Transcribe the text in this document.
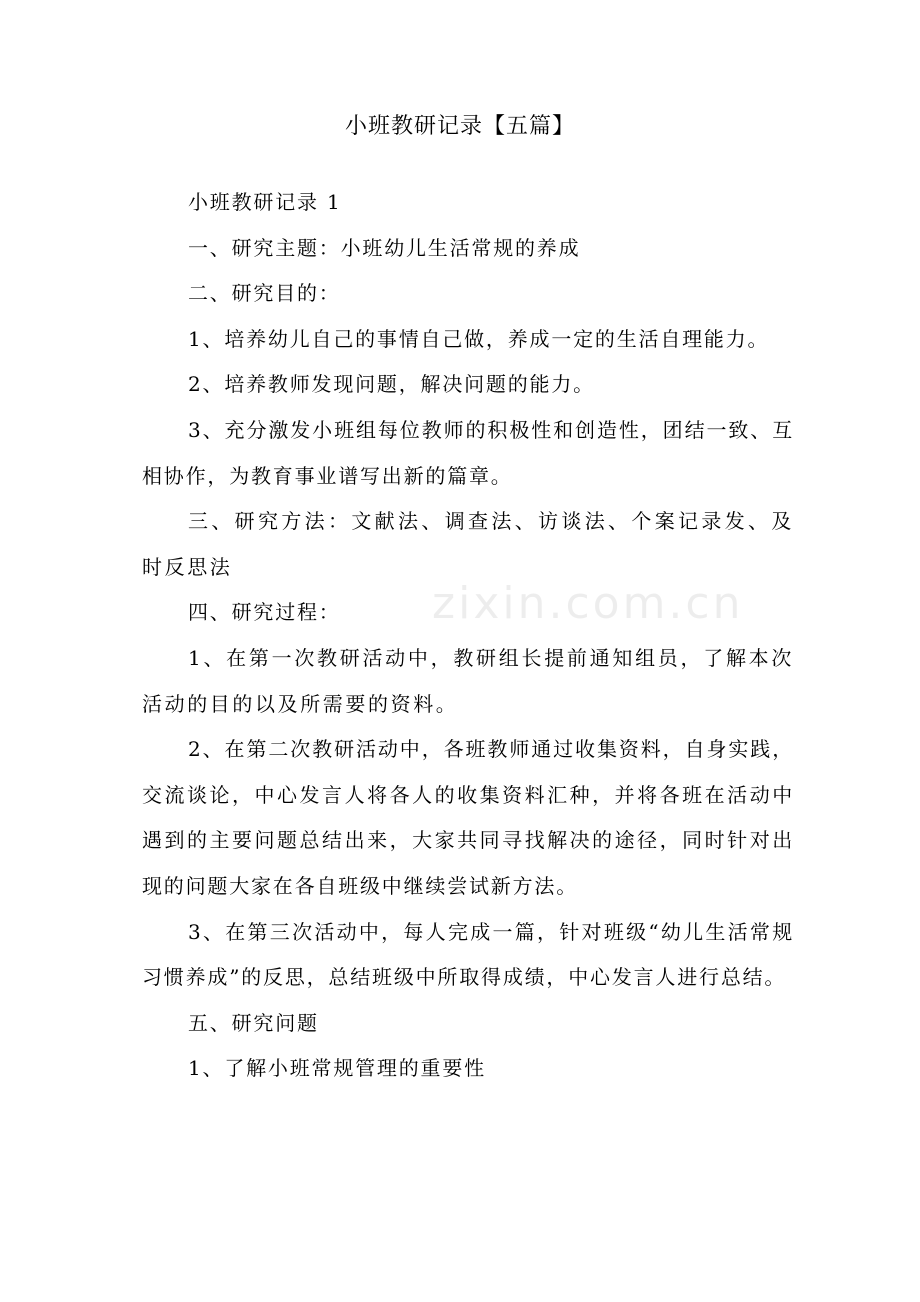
zixin.com.cn
小班教研记录【五篇】

小班教研记录 1

一、研究主题：小班幼儿生活常规的养成

二、研究目的：

1、培养幼儿自己的事情自己做，养成一定的生活自理能力。

2、培养教师发现问题，解决问题的能力。

3、充分激发小班组每位教师的积极性和创造性，团结一致、互相协作，为教育事业谱写出新的篇章。

三、研究方法：文献法、调查法、访谈法、个案记录发、及时反思法

四、研究过程：

1、在第一次教研活动中，教研组长提前通知组员，了解本次活动的目的以及所需要的资料。

2、在第二次教研活动中，各班教师通过收集资料，自身实践，交流谈论，中心发言人将各人的收集资料汇种，并将各班在活动中遇到的主要问题总结出来，大家共同寻找解决的途径，同时针对出现的问题大家在各自班级中继续尝试新方法。

3、在第三次活动中，每人完成一篇，针对班级“幼儿生活常规习惯养成”的反思，总结班级中所取得成绩，中心发言人进行总结。

五、研究问题

1、了解小班常规管理的重要性
